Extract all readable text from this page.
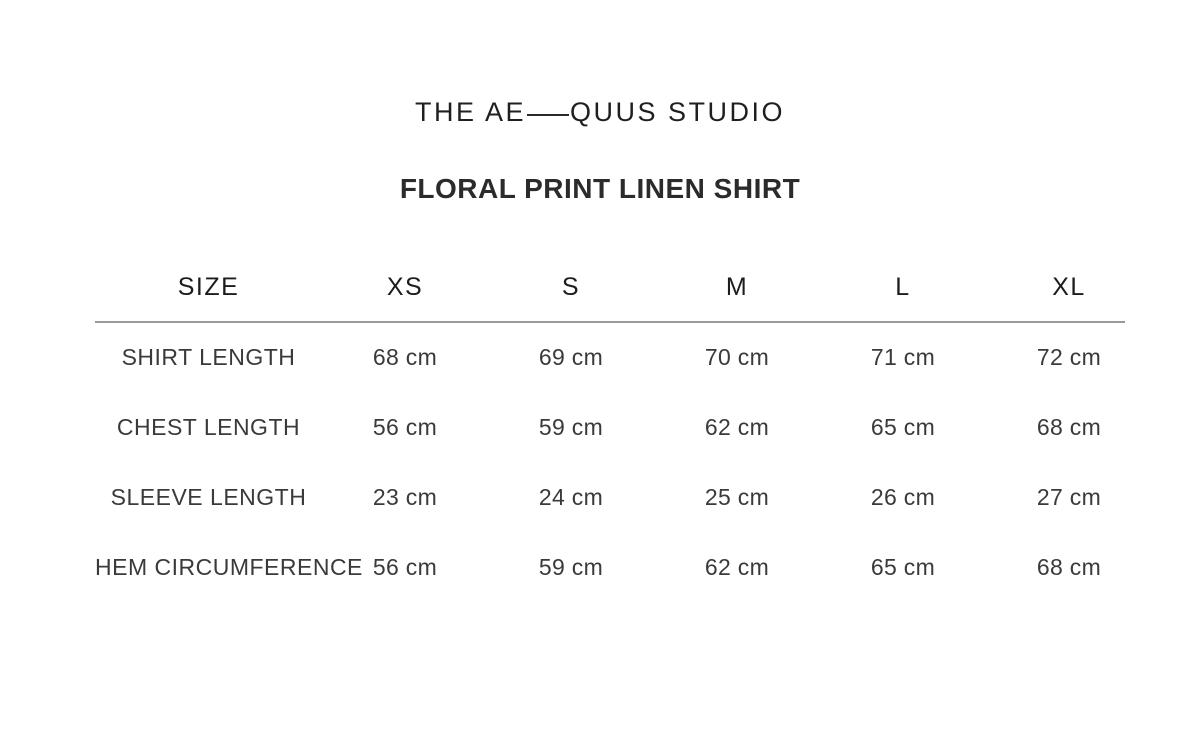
THE AE QUUS STUDIO
FLORAL PRINT LINEN SHIRT
SIZE	XS	S	M	L	XL
SHIRT LENGTH	68 cm	69 cm	70 cm	71 cm	72 cm
CHEST LENGTH	56 cm	59 cm	62 cm	65 cm	68 cm
SLEEVE LENGTH	23 cm	24 cm	25 cm	26 cm	27 cm
HEM CIRCUMFERENCE 56 cm	59 cm	62 cm	65 cm	68 cm
